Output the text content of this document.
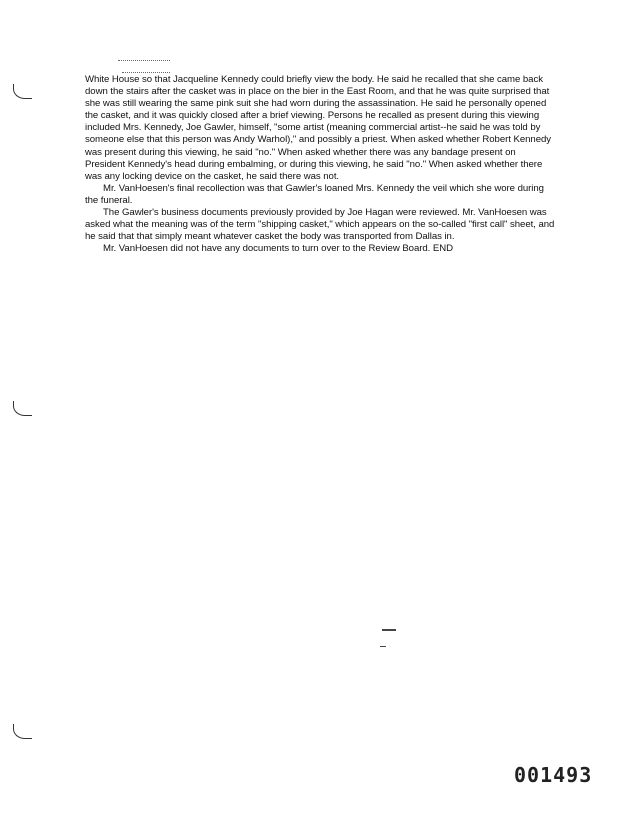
White House so that Jacqueline Kennedy could briefly view the body. He said he recalled that she came back down the stairs after the casket was in place on the bier in the East Room, and that he was quite surprised that she was still wearing the same pink suit she had worn during the assassination. He said he personally opened the casket, and it was quickly closed after a brief viewing. Persons he recalled as present during this viewing included Mrs. Kennedy, Joe Gawler, himself, "some artist (meaning commercial artist--he said he was told by someone else that this person was Andy Warhol)," and possibly a priest. When asked whether Robert Kennedy was present during this viewing, he said "no." When asked whether there was any bandage present on President Kennedy's head during embalming, or during this viewing, he said "no." When asked whether there was any locking device on the casket, he said there was not.

Mr. VanHoesen's final recollection was that Gawler's loaned Mrs. Kennedy the veil which she wore during the funeral.

The Gawler's business documents previously provided by Joe Hagan were reviewed. Mr. VanHoesen was asked what the meaning was of the term "shipping casket," which appears on the so-called "first call" sheet, and he said that that simply meant whatever casket the body was transported from Dallas in.

Mr. VanHoesen did not have any documents to turn over to the Review Board. END

001493
